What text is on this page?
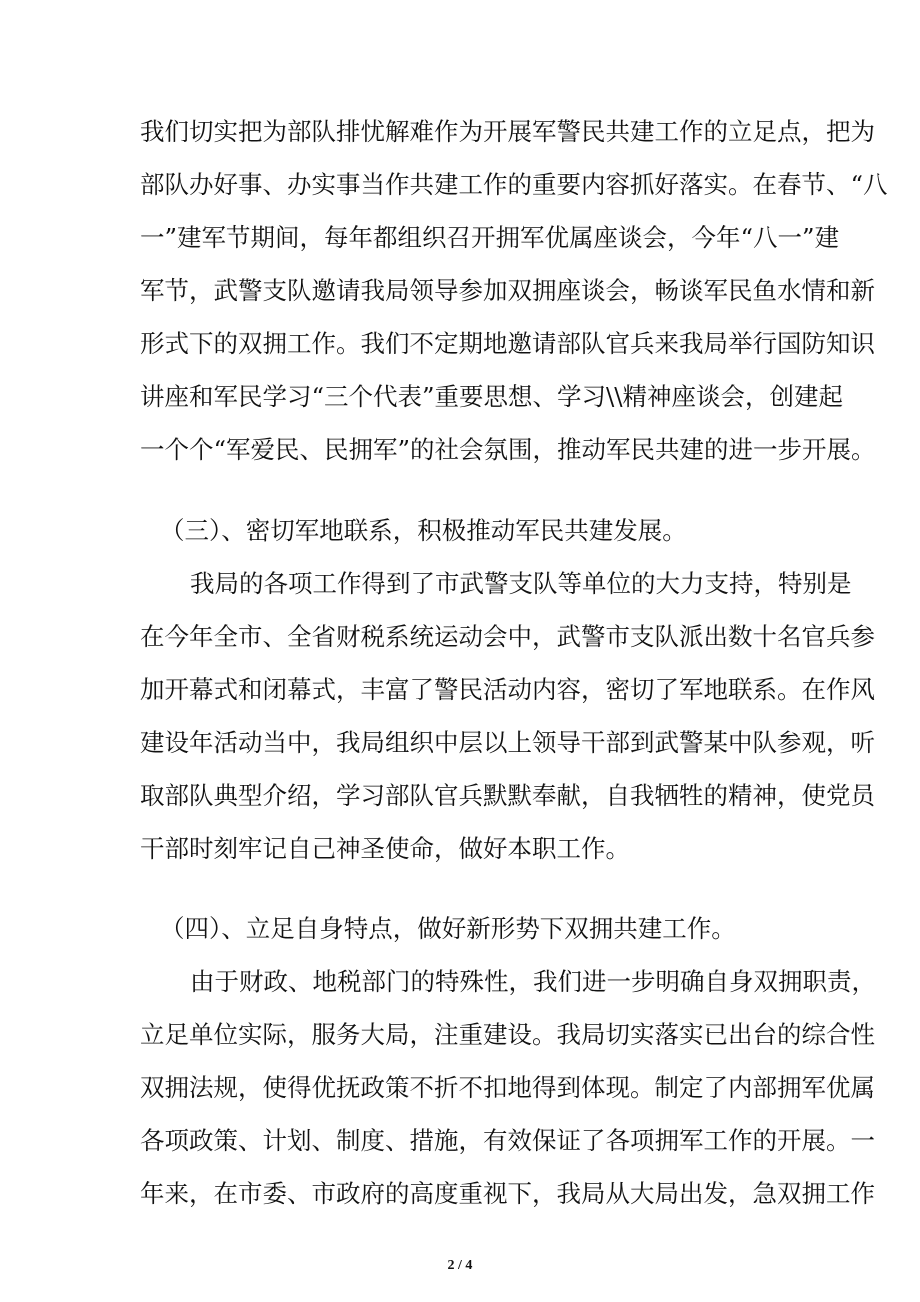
我们切实把为部队排忧解难作为开展军警民共建工作的立足点，把为
部队办好事、办实事当作共建工作的重要内容抓好落实。在春节、“八
一”建军节期间，每年都组织召开拥军优属座谈会，今年“八一”建
军节，武警支队邀请我局领导参加双拥座谈会，畅谈军民鱼水情和新
形式下的双拥工作。我们不定期地邀请部队官兵来我局举行国防知识
讲座和军民学习“三个代表”重要思想、学习\\精神座谈会，创建起
一个个“军爱民、民拥军”的社会氛围，推动军民共建的进一步开展。
（三）、密切军地联系，积极推动军民共建发展。
我局的各项工作得到了市武警支队等单位的大力支持，特别是
在今年全市、全省财税系统运动会中，武警市支队派出数十名官兵参
加开幕式和闭幕式，丰富了警民活动内容，密切了军地联系。在作风
建设年活动当中，我局组织中层以上领导干部到武警某中队参观，听
取部队典型介绍，学习部队官兵默默奉献，自我牺牲的精神，使党员
干部时刻牢记自己神圣使命，做好本职工作。
（四）、立足自身特点，做好新形势下双拥共建工作。
由于财政、地税部门的特殊性，我们进一步明确自身双拥职责，
立足单位实际，服务大局，注重建设。我局切实落实已出台的综合性
双拥法规，使得优抚政策不折不扣地得到体现。制定了内部拥军优属
各项政策、计划、制度、措施，有效保证了各项拥军工作的开展。一
年来，在市委、市政府的高度重视下，我局从大局出发，急双拥工作
2 / 4
